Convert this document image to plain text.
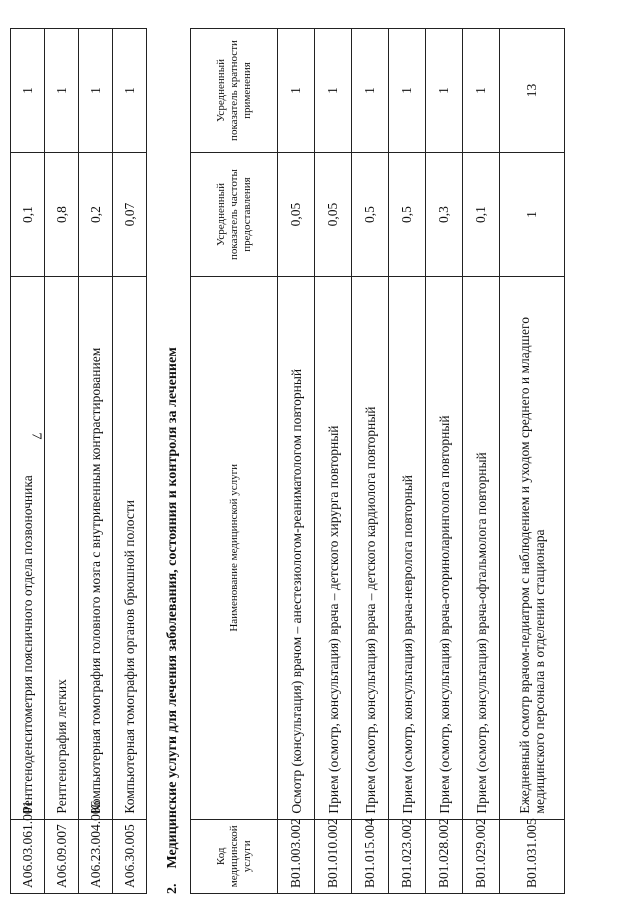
7
A06.03.061.001	Рентгеноденситометрия поясничного отдела позвоночника	0,1	1
A06.09.007	Рентгенография легких	0,8	1
A06.23.004.006	Компьютерная томография головного мозга с внутривенным контрастированием	0,2	1
A06.30.005	Компьютерная томография органов брюшной полости	0,07	1
2. Медицинские услуги для лечения заболевания, состояния и контроля за лечением	Код медицинской услуги	Наименование медицинской услуги	Усредненный показатель частоты предоставления	Усредненный показатель кратности применения
B01.003.002	Осмотр (консультация) врачом – анестезиологом-реаниматологом повторный	0,05	1
B01.010.002	Прием (осмотр, консультация) врача – детского хирурга повторный	0,05	1
B01.015.004	Прием (осмотр, консультация) врача – детского кардиолога повторный	0,5	1
B01.023.002	Прием (осмотр, консультация) врача-невролога повторный	0,5	1
B01.028.002	Прием (осмотр, консультация) врача-оториноларинголога повторный	0,3	1
B01.029.002	Прием (осмотр, консультация) врача-офтальмолога повторный	0,1	1
B01.031.005	Ежедневный осмотр врачом-педиатром с наблюдением и уходом среднего и младшего медицинского персонала в отделении стационара	1	13
